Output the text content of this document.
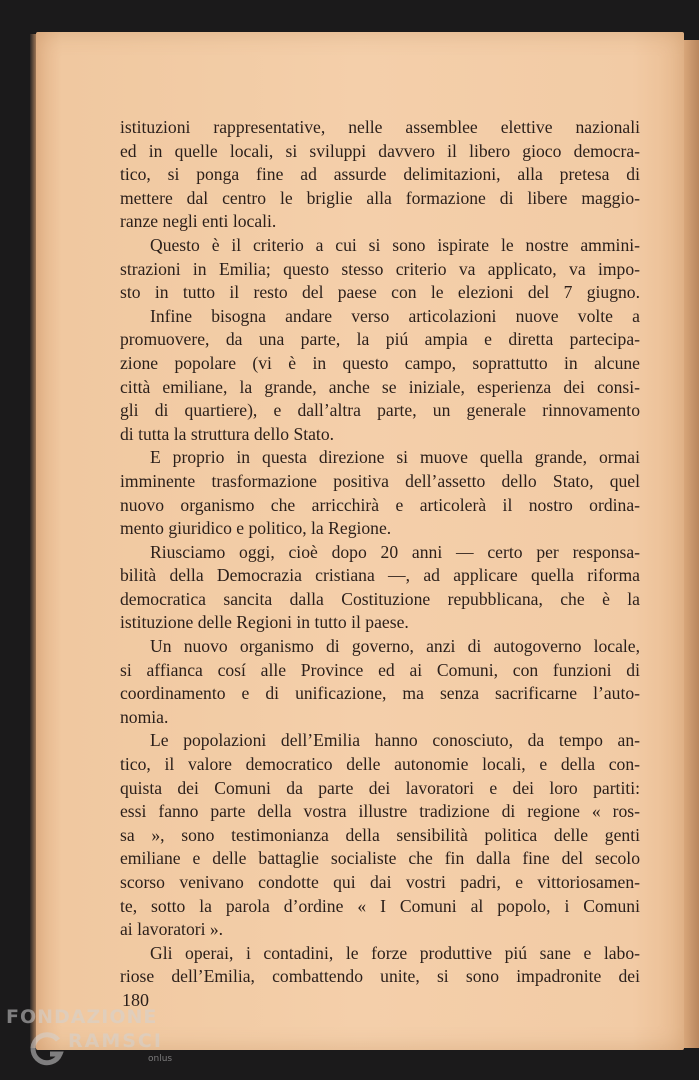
istituzioni rappresentative, nelle assemblee elettive nazionali
ed in quelle locali, si sviluppi davvero il libero gioco democra-
tico, si ponga fine ad assurde delimitazioni, alla pretesa di
mettere dal centro le briglie alla formazione di libere maggio-
ranze negli enti locali.
Questo è il criterio a cui si sono ispirate le nostre ammini-
strazioni in Emilia; questo stesso criterio va applicato, va impo-
sto in tutto il resto del paese con le elezioni del 7 giugno.
Infine bisogna andare verso articolazioni nuove volte a
promuovere, da una parte, la piú ampia e diretta partecipa-
zione popolare (vi è in questo campo, soprattutto in alcune
città emiliane, la grande, anche se iniziale, esperienza dei consi-
gli di quartiere), e dall’altra parte, un generale rinnovamento
di tutta la struttura dello Stato.
E proprio in questa direzione si muove quella grande, ormai
imminente trasformazione positiva dell’assetto dello Stato, quel
nuovo organismo che arricchirà e articolerà il nostro ordina-
mento giuridico e politico, la Regione.
Riusciamo oggi, cioè dopo 20 anni — certo per responsa-
bilità della Democrazia cristiana —, ad applicare quella riforma
democratica sancita dalla Costituzione repubblicana, che è la
istituzione delle Regioni in tutto il paese.
Un nuovo organismo di governo, anzi di autogoverno locale,
si affianca cosí alle Province ed ai Comuni, con funzioni di
coordinamento e di unificazione, ma senza sacrificarne l’auto-
nomia.
Le popolazioni dell’Emilia hanno conosciuto, da tempo an-
tico, il valore democratico delle autonomie locali, e della con-
quista dei Comuni da parte dei lavoratori e dei loro partiti:
essi fanno parte della vostra illustre tradizione di regione « ros-
sa », sono testimonianza della sensibilità politica delle genti
emiliane e delle battaglie socialiste che fin dalla fine del secolo
scorso venivano condotte qui dai vostri padri, e vittoriosamen-
te, sotto la parola d’ordine « I Comuni al popolo, i Comuni
ai lavoratori ».
Gli operai, i contadini, le forze produttive piú sane e labo-
riose dell’Emilia, combattendo unite, si sono impadronite dei
180
FONDAZIONE
RAMSCI
onlus
